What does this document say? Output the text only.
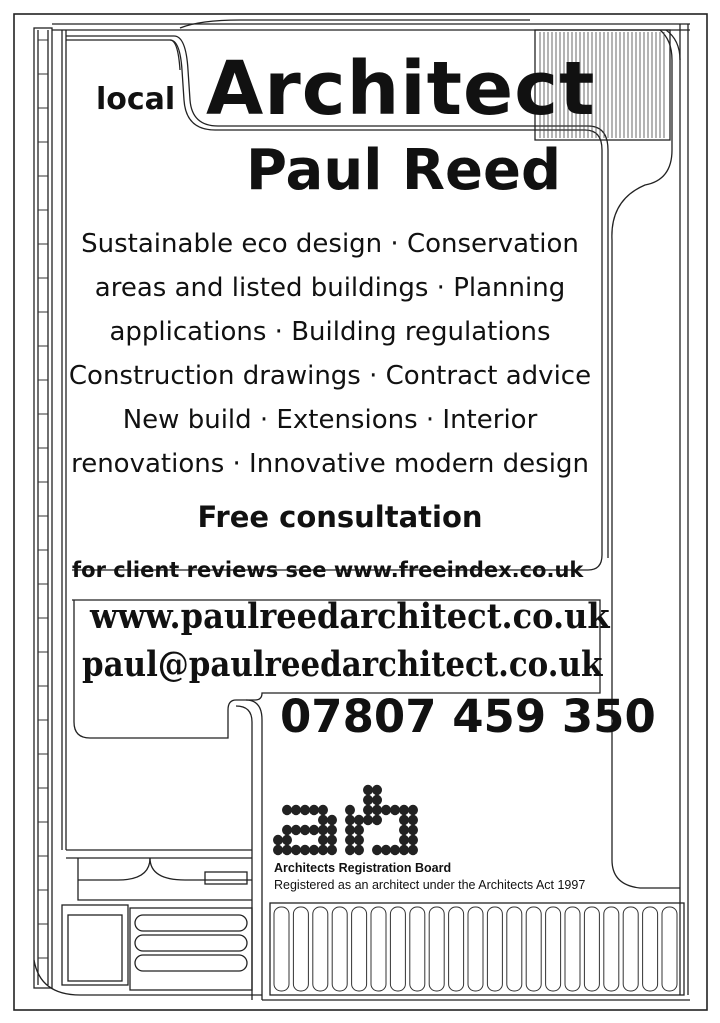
local Architect
Paul Reed
Sustainable eco design · Conservation
areas and listed buildings · Planning
applications · Building regulations
Construction drawings · Contract advice
New build · Extensions · Interior
renovations · Innovative modern design
Free consultation
for client reviews see www.freeindex.co.uk
www.paulreedarchitect.co.uk
paul@paulreedarchitect.co.uk
07807 459 350
Architects Registration Board
Registered as an architect under the Architects Act 1997
